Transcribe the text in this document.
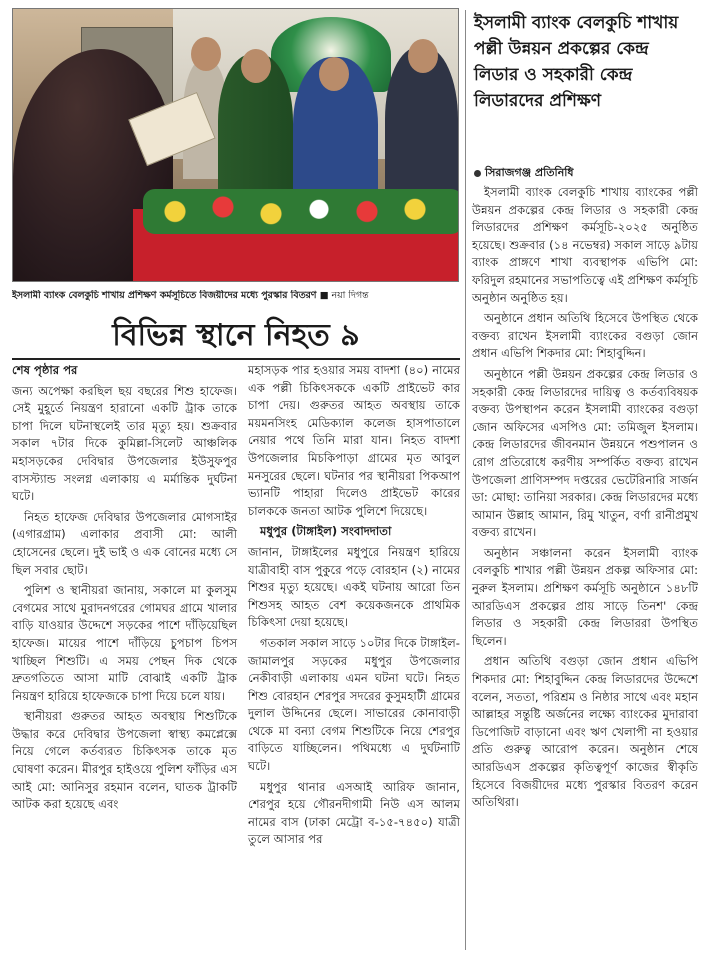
ইসলামী ব্যাংক বেলকুচি শাখায় প্রশিক্ষণ কর্মসূচিতে বিজয়ীদের মধ্যে পুরস্কার বিতরণ ■ নয়া দিগন্ত
বিভিন্ন স্থানে নিহত ৯

শেষ পৃষ্ঠার পর

জন্য অপেক্ষা করছিল ছয় বছরের শিশু হাফেজ। সেই মুহূর্তে নিয়ন্ত্রণ হারানো একটি ট্রাক তাকে চাপা দিলে ঘটনাস্থলেই তার মৃত্যু হয়। শুক্রবার সকাল ৭টার দিকে কুমিল্লা-সিলেট আঞ্চলিক মহাসড়কের দেবিদ্বার উপজেলার ইউসুফপুর বাসস্ট্যান্ড সংলগ্ন এলাকায় এ মর্মান্তিক দুর্ঘটনা ঘটে।

নিহত হাফেজ দেবিদ্বার উপজেলার মোগসাইর (এগারগ্রাম) এলাকার প্রবাসী মো: আলী হোসেনের ছেলে। দুই ভাই ও এক বোনের মধ্যে সে ছিল সবার ছোট।

পুলিশ ও স্থানীয়রা জানায়, সকালে মা কুলসুম বেগমের সাথে মুরাদনগরের গোমঘর গ্রামে খালার বাড়ি যাওয়ার উদ্দেশে সড়কের পাশে দাঁড়িয়েছিল হাফেজ। মায়ের পাশে দাঁড়িয়ে চুপচাপ চিপস খাচ্ছিল শিশুটি। এ সময় পেছন দিক থেকে দ্রুতগতিতে আসা মাটি বোঝাই একটি ট্রাক নিয়ন্ত্রণ হারিয়ে হাফেজকে চাপা দিয়ে চলে যায়।

স্থানীয়রা গুরুতর আহত অবস্থায় শিশুটিকে উদ্ধার করে দেবিদ্বার উপজেলা স্বাস্থ্য কমপ্লেক্সে নিয়ে গেলে কর্তব্যরত চিকিৎসক তাকে মৃত ঘোষণা করেন। মীরপুর হাইওয়ে পুলিশ ফাঁড়ির এস আই মো: আনিসুর রহমান বলেন, ঘাতক ট্রাকটি আটক করা হয়েছে এবং

মহাসড়ক পার হওয়ার সময় বাদশা (৪০) নামের এক পল্লী চিকিৎসককে একটি প্রাইভেট কার চাপা দেয়। গুরুতর আহত অবস্থায় তাকে ময়মনসিংহ মেডিক্যাল কলেজ হাসপাতালে নেয়ার পথে তিনি মারা যান। নিহত বাদশা উপজেলার মিচকিপাড়া গ্রামের মৃত আবুল মনসুরের ছেলে। ঘটনার পর স্থানীয়রা পিকআপ ভ্যানটি পাহারা দিলেও প্রাইভেট কারের চালককে জনতা আটক পুলিশে দিয়েছে।

মধুপুর (টাঙ্গাইল) সংবাদদাতা

জানান, টাঙ্গাইলের মধুপুরে নিয়ন্ত্রণ হারিয়ে যাত্রীবাহী বাস পুকুরে পড়ে বোরহান (২) নামের শিশুর মৃত্যু হয়েছে। একই ঘটনায় আরো তিন শিশুসহ আহত বেশ কয়েকজনকে প্রাথমিক চিকিৎসা দেয়া হয়েছে।

গতকাল সকাল সাড়ে ১০টার দিকে টাঙ্গাইল-জামালপুর সড়কের মধুপুর উপজেলার নেকীবাড়ী এলাকায় এমন ঘটনা ঘটে। নিহত শিশু বোরহান শেরপুর সদরের কুসুমহাটী গ্রামের দুলাল উদ্দিনের ছেলে। সাভারের কোনাবাড়ী থেকে মা বন্যা বেগম শিশুটিকে নিয়ে শেরপুর বাড়িতে যাচ্ছিলেন। পথিমধ্যে এ দুর্ঘটনাটি ঘটে।

মধুপুর থানার এসআই আরিফ জানান, শেরপুর হয়ে গৌরনদীগামী নিউ এস আলম নামের বাস (ঢাকা মেট্রো ব-১৫-৭৪৫০) যাত্রী তুলে আসার পর

ইসলামী ব্যাংক বেলকুচি শাখায় পল্লী উন্নয়ন প্রকল্পের কেন্দ্র লিডার ও সহকারী কেন্দ্র লিডারদের প্রশিক্ষণ
সিরাজগঞ্জ প্রতিনিধি

ইসলামী ব্যাংক বেলকুচি শাখায় ব্যাংকের পল্লী উন্নয়ন প্রকল্পের কেন্দ্র লিডার ও সহকারী কেন্দ্র লিডারদের প্রশিক্ষণ কর্মসূচি-২০২৫ অনুষ্ঠিত হয়েছে। শুক্রবার (১৪ নভেম্বর) সকাল সাড়ে ৯টায় ব্যাংক প্রাঙ্গণে শাখা ব্যবস্থাপক এভিপি মো: ফরিদুল রহমানের সভাপতিত্বে এই প্রশিক্ষণ কর্মসূচি অনুষ্ঠান অনুষ্ঠিত হয়।

অনুষ্ঠানে প্রধান অতিথি হিসেবে উপস্থিত থেকে বক্তব্য রাখেন ইসলামী ব্যাংকের বগুড়া জোন প্রধান এভিপি শিকদার মো: শিহাবুদ্দিন।

অনুষ্ঠানে পল্লী উন্নয়ন প্রকল্পের কেন্দ্র লিডার ও সহকারী কেন্দ্র লিডারদের দায়িত্ব ও কর্তব্যবিষয়ক বক্তব্য উপস্থাপন করেন ইসলামী ব্যাংকের বগুড়া জোন অফিসের এসপিও মো: তমিজুল ইসলাম। কেন্দ্র লিডারদের জীবনমান উন্নয়নে পশুপালন ও রোগ প্রতিরোধে করণীয় সম্পর্কিত বক্তব্য রাখেন উপজেলা প্রাণিসম্পদ দপ্তরের ভেটেরিনারি সার্জন ডা: মোছা: তানিয়া সরকার। কেন্দ্র লিডারদের মধ্যে আমান উল্লাহ আমান, রিমু খাতুন, বর্ণা রানীপ্রমুখ বক্তব্য রাখেন।

অনুষ্ঠান সঞ্চালনা করেন ইসলামী ব্যাংক বেলকুচি শাখার পল্লী উন্নয়ন প্রকল্প অফিসার মো: নুরুল ইসলাম। প্রশিক্ষণ কর্মসূচি অনুষ্ঠানে ১৪৮টি আরডিএস প্রকল্পের প্রায় সাড়ে তিনশ' কেন্দ্র লিডার ও সহকারী কেন্দ্র লিডাররা উপস্থিত ছিলেন।

প্রধান অতিথি বগুড়া জোন প্রধান এভিপি শিকদার মো: শিহাবুদ্দিন কেন্দ্র লিডারদের উদ্দেশে বলেন, সততা, পরিশ্রম ও নিষ্ঠার সাথে এবং মহান আল্লাহর সন্তুষ্টি অর্জনের লক্ষ্যে ব্যাংকের মুদারাবা ডিপোজিট বাড়ানো এবং ঋণ খেলাপী না হওয়ার প্রতি গুরুত্ব আরোপ করেন। অনুষ্ঠান শেষে আরডিএস প্রকল্পের কৃতিত্বপূর্ণ কাজের স্বীকৃতি হিসেবে বিজয়ীদের মধ্যে পুরস্কার বিতরণ করেন অতিথিরা।
